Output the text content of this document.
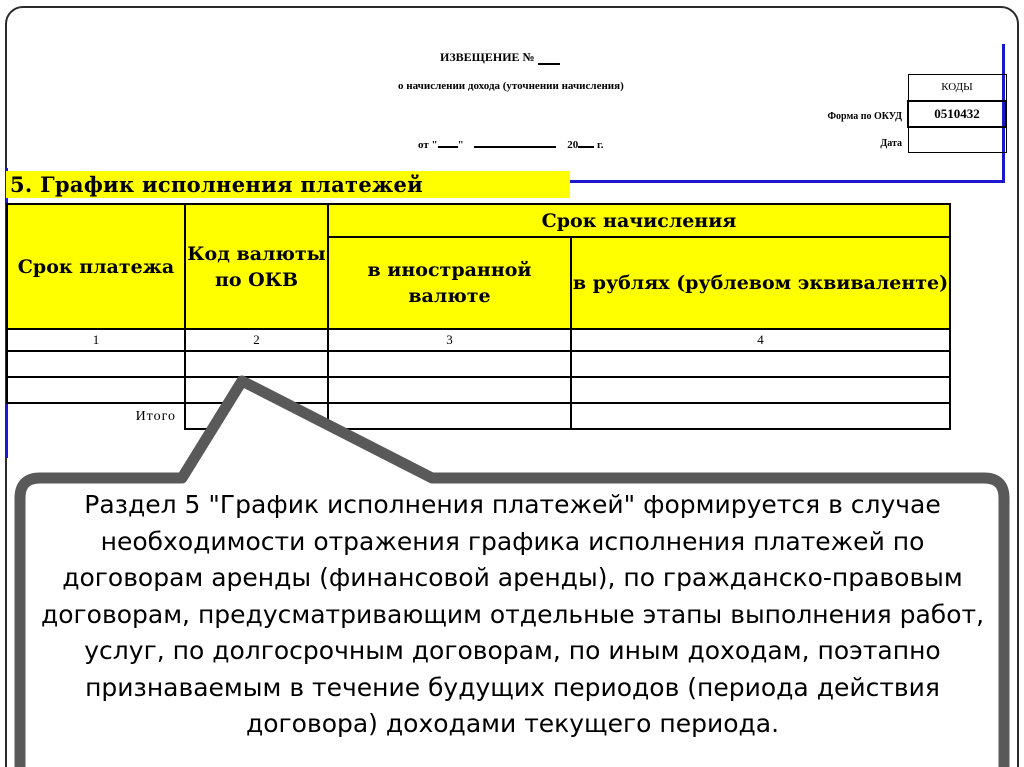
ИЗВЕЩЕНИЕ №
о начислении дохода (уточнении начисления)
от " "	20 г.
КОДЫ
0510432

Форма по ОКУД
Дата
5. График исполнения платежей
Срок платежа	Код валюты по ОКВ	Срок начисления	
		в иностранной валюте	в рублях (рублевом эквиваленте)
1	2	3	4

Итого			
Раздел 5 "График исполнения платежей" формируется в случае необходимости отражения графика исполнения платежей по договорам аренды (финансовой аренды), по гражданско-правовым договорам, предусматривающим отдельные этапы выполнения работ, услуг, по долгосрочным договорам, по иным доходам, поэтапно признаваемым в течение будущих периодов (периода действия договора) доходами текущего периода.
